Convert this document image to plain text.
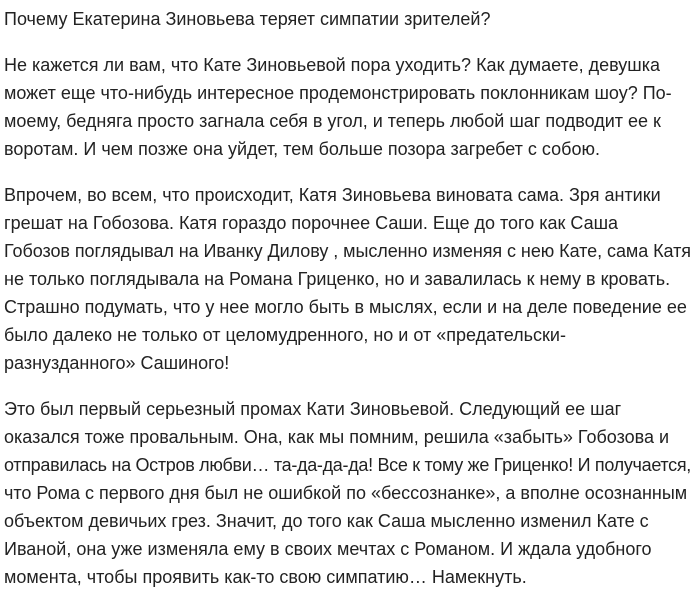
Почему Екатерина Зиновьева теряет симпатии зрителей?
Не кажется ли вам, что Кате Зиновьевой пора уходить? Как думаете, девушка
может еще что-нибудь интересное продемонстрировать поклонникам шоу? По-
моему, бедняга просто загнала себя в угол, и теперь любой шаг подводит ее к
воротам. И чем позже она уйдет, тем больше позора загребет с собою.
Впрочем, во всем, что происходит, Катя Зиновьева виновата сама. Зря антики
грешат на Гобозова. Катя гораздо порочнее Саши. Еще до того как Саша
Гобозов поглядывал на Иванку Дилову , мысленно изменяя с нею Кате, сама Катя
не только поглядывала на Романа Гриценко, но и завалилась к нему в кровать.
Страшно подумать, что у нее могло быть в мыслях, если и на деле поведение ее
было далеко не только от целомудренного, но и от «предательски-
разнузданного» Сашиного!
Это был первый серьезный промах Кати Зиновьевой. Следующий ее шаг
оказался тоже провальным. Она, как мы помним, решила «забыть» Гобозова и
отправилась на Остров любви… та-да-да-да! Все к тому же Гриценко! И получается,
что Рома с первого дня был не ошибкой по «бессознанке», а вполне осознанным
объектом девичьих грез. Значит, до того как Саша мысленно изменил Кате с
Иваной, она уже изменяла ему в своих мечтах с Романом. И ждала удобного
момента, чтобы проявить как-то свою симпатию… Намекнуть.
